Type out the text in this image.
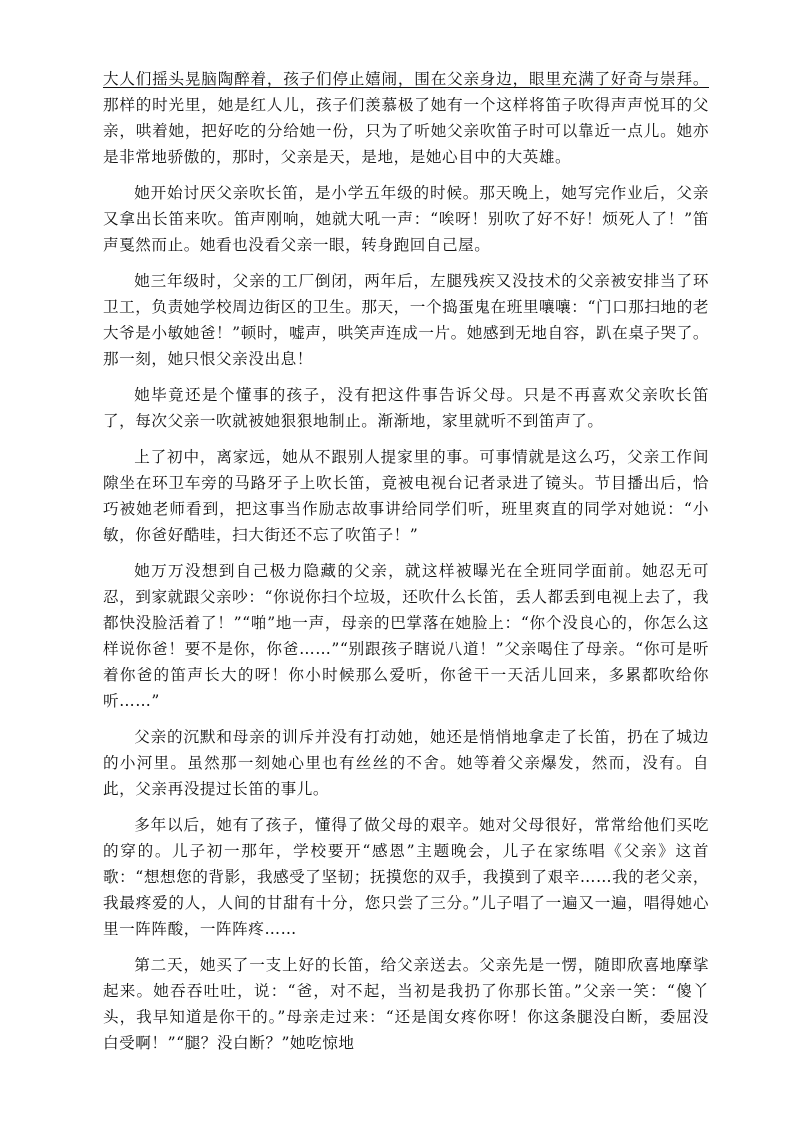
大人们摇头晃脑陶醉着，孩子们停止嬉闹，围在父亲身边，眼里充满了好奇与崇拜。那样的时光里，她是红人儿，孩子们羡慕极了她有一个这样将笛子吹得声声悦耳的父亲，哄着她，把好吃的分给她一份，只为了听她父亲吹笛子时可以靠近一点儿。她亦是非常地骄傲的，那时，父亲是天，是地，是她心目中的大英雄。

她开始讨厌父亲吹长笛，是小学五年级的时候。那天晚上，她写完作业后，父亲又拿出长笛来吹。笛声刚响，她就大吼一声：“唉呀！别吹了好不好！烦死人了！”笛声戛然而止。她看也没看父亲一眼，转身跑回自己屋。

她三年级时，父亲的工厂倒闭，两年后，左腿残疾又没技术的父亲被安排当了环卫工，负责她学校周边街区的卫生。那天，一个捣蛋鬼在班里嚷嚷：“门口那扫地的老大爷是小敏她爸！”顿时，嘘声，哄笑声连成一片。她感到无地自容，趴在桌子哭了。那一刻，她只恨父亲没出息！

她毕竟还是个懂事的孩子，没有把这件事告诉父母。只是不再喜欢父亲吹长笛了，每次父亲一吹就被她狠狠地制止。渐渐地，家里就听不到笛声了。

上了初中，离家远，她从不跟别人提家里的事。可事情就是这么巧，父亲工作间隙坐在环卫车旁的马路牙子上吹长笛，竟被电视台记者录进了镜头。节目播出后，恰巧被她老师看到，把这事当作励志故事讲给同学们听，班里爽直的同学对她说：“小敏，你爸好酷哇，扫大街还不忘了吹笛子！”

她万万没想到自己极力隐藏的父亲，就这样被曝光在全班同学面前。她忍无可忍，到家就跟父亲吵：“你说你扫个垃圾，还吹什么长笛，丢人都丢到电视上去了，我都快没脸活着了！”“啪”地一声，母亲的巴掌落在她脸上：“你个没良心的，你怎么这样说你爸！要不是你，你爸……”“别跟孩子瞎说八道！”父亲喝住了母亲。“你可是听着你爸的笛声长大的呀！你小时候那么爱听，你爸干一天活儿回来，多累都吹给你听……”

父亲的沉默和母亲的训斥并没有打动她，她还是悄悄地拿走了长笛，扔在了城边的小河里。虽然那一刻她心里也有丝丝的不舍。她等着父亲爆发，然而，没有。自此，父亲再没提过长笛的事儿。

多年以后，她有了孩子，懂得了做父母的艰辛。她对父母很好，常常给他们买吃的穿的。儿子初一那年，学校要开“感恩”主题晚会，儿子在家练唱《父亲》这首歌：“想想您的背影，我感受了坚韧；抚摸您的双手，我摸到了艰辛……我的老父亲，我最疼爱的人，人间的甘甜有十分，您只尝了三分。”儿子唱了一遍又一遍，唱得她心里一阵阵酸，一阵阵疼……

第二天，她买了一支上好的长笛，给父亲送去。父亲先是一愣，随即欣喜地摩挲起来。她吞吞吐吐，说：“爸，对不起，当初是我扔了你那长笛。”父亲一笑：“傻丫头，我早知道是你干的。”母亲走过来：“还是闺女疼你呀！你这条腿没白断，委屈没白受啊！”“腿？没白断？”她吃惊地
